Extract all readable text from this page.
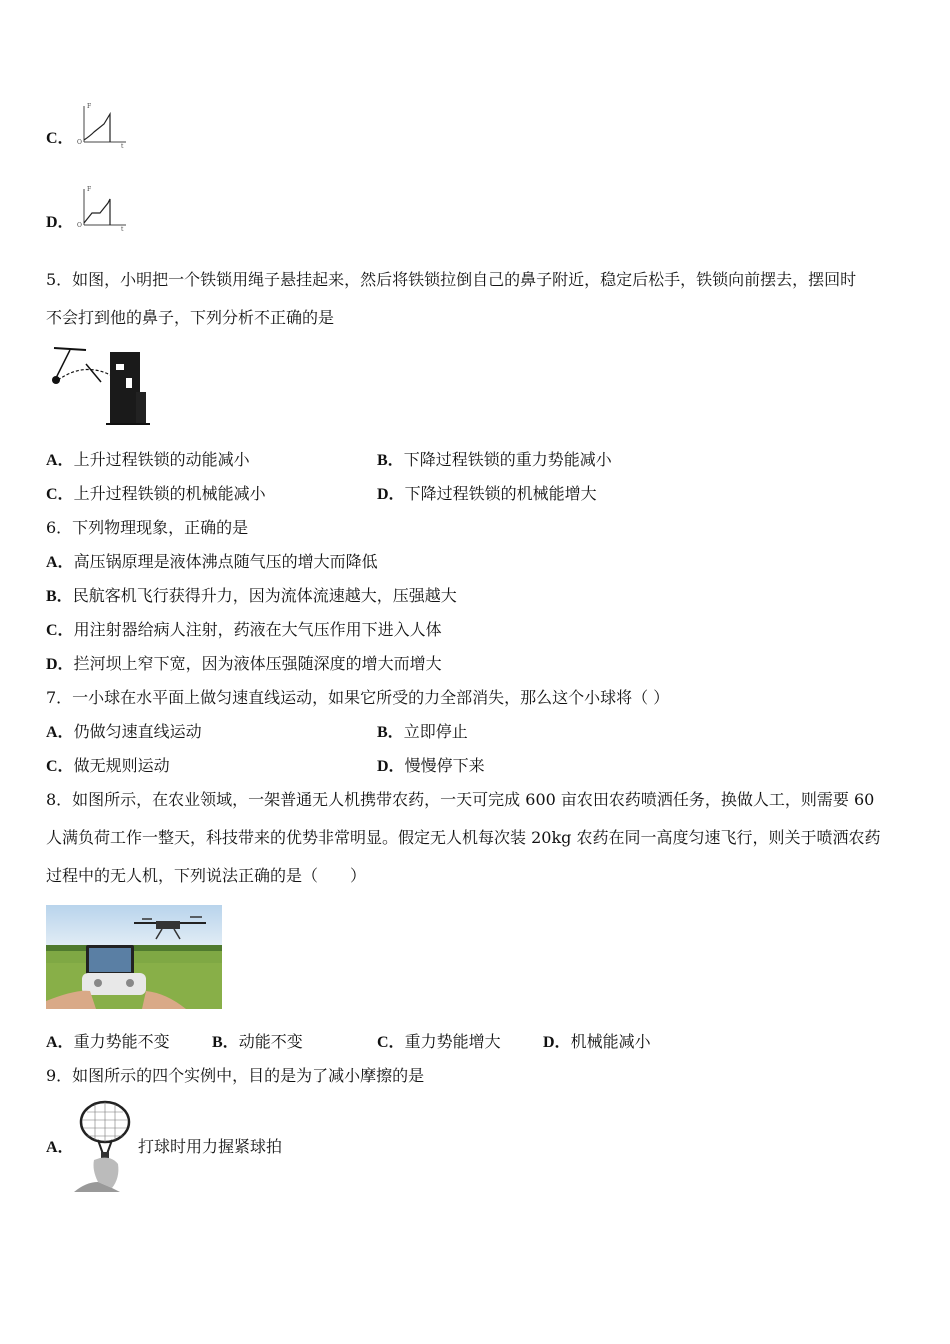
C．
F
t
O
D．
F
t
O
5．如图，小明把一个铁锁用绳子悬挂起来，然后将铁锁拉倒自己的鼻子附近，稳定后松手，铁锁向前摆去，摆回时
不会打到他的鼻子，下列分析不正确的是
A．上升过程铁锁的动能减小	B．下降过程铁锁的重力势能减小
C．上升过程铁锁的机械能减小	D．下降过程铁锁的机械能增大
6．下列物理现象，正确的是
A．高压锅原理是液体沸点随气压的增大而降低
B．民航客机飞行获得升力，因为流体流速越大，压强越大
C．用注射器给病人注射，药液在大气压作用下进入人体
D．拦河坝上窄下宽，因为液体压强随深度的增大而增大
7．一小球在水平面上做匀速直线运动，如果它所受的力全部消失，那么这个小球将（ ）
A．仍做匀速直线运动	B．立即停止
C．做无规则运动	D．慢慢停下来
8．如图所示，在农业领域，一架普通无人机携带农药，一天可完成 600 亩农田农药喷洒任务，换做人工，则需要 60
人满负荷工作一整天，科技带来的优势非常明显。假定无人机每次装 20kg 农药在同一高度匀速飞行，则关于喷洒农药
过程中的无人机，下列说法正确的是（　　）
A．重力势能不变	B．动能不变	C．重力势能增大	D．机械能减小
9．如图所示的四个实例中，目的是为了减小摩擦的是
A．	打球时用力握紧球拍
